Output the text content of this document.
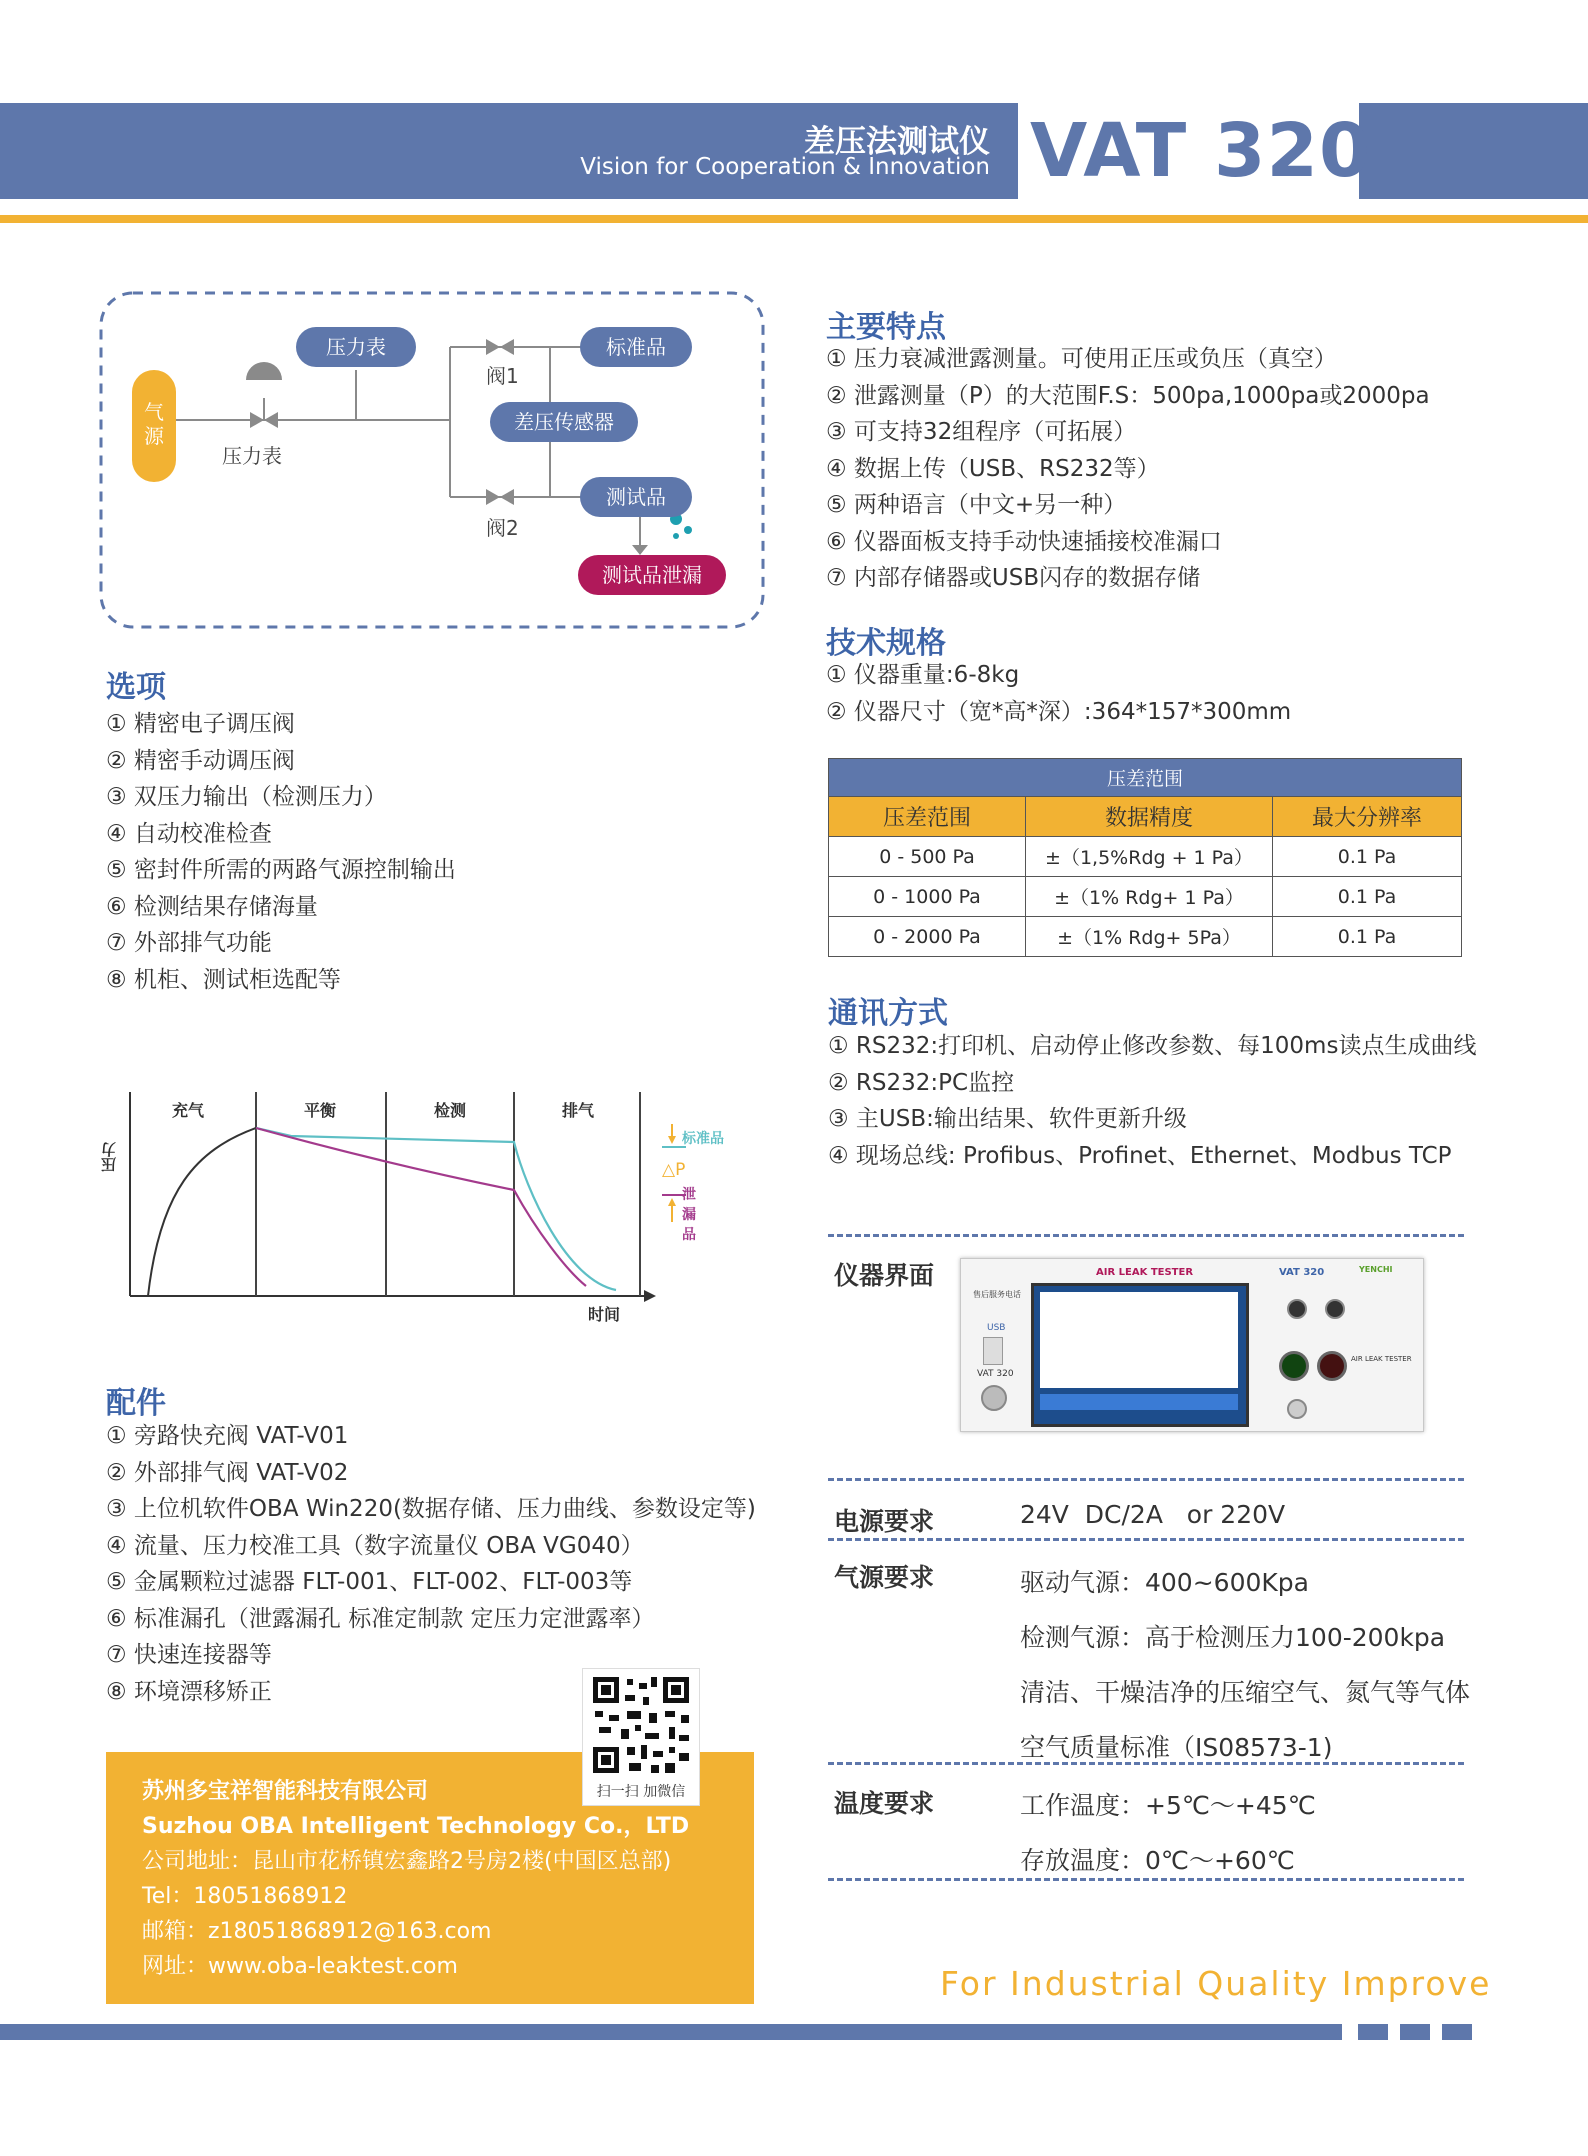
差压法测试仪
Vision for Cooperation & Innovation VAT 320
气
源
压力表
压力表	标准品
阀1
差压传感器
测试品
阀2
测试品泄漏
主要特点
① 压力衰减泄露测量。可使用正压或负压（真空）
② 泄露测量（P）的大范围F.S：500pa,1000pa或2000pa
③ 可支持32组程序（可拓展）
④ 数据上传（USB、RS232等）
⑤ 两种语言（中文+另一种）
⑥ 仪器面板支持手动快速插接校准漏口
⑦ 内部存储器或USB闪存的数据存储
技术规格
① 仪器重量:6-8kg
② 仪器尺寸（宽*高*深）:364*157*300mm
压差范围		
压差范围	数据精度	最大分辨率
0 - 500 Pa	±（1,5%Rdg + 1 Pa）	0.1 Pa
0 - 1000 Pa	±（1% Rdg+ 1 Pa）	0.1 Pa
0 - 2000 Pa	±（1% Rdg+ 5Pa）	0.1 Pa
选项
① 精密电子调压阀
② 精密手动调压阀
③ 双压力输出（检测压力）
④ 自动校准检查
⑤ 密封件所需的两路气源控制输出
⑥ 检测结果存储海量
⑦ 外部排气功能
⑧ 机柜、测试柜选配等
通讯方式
① RS232:打印机、启动停止修改参数、每100ms读点生成曲线
② RS232:PC监控
③ 主USB:输出结果、软件更新升级
④ 现场总线: Profibus、Profinet、Ethernet、Modbus TCP
充气	平衡	检测	排气
压力
时间
标准品
△P
泄漏品
仪器界面
售后服务电话
USB
VAT 320
AIR LEAK TESTER	VAT 320	YENCHI
AIR LEAK TESTER
电源要求	24V  DC/2A   or 220V
气源要求	驱动气源：400~600Kpa
检测气源：高于检测压力100-200kpa
清洁、干燥洁净的压缩空气、氮气等气体
空气质量标准（IS08573-1)
温度要求	工作温度：+5℃～+45℃
存放温度：0℃～+60℃
配件
① 旁路快充阀 VAT-V01
② 外部排气阀 VAT-V02
③ 上位机软件OBA Win220(数据存储、压力曲线、参数设定等)
④ 流量、压力校准工具（数字流量仪 OBA VG040）
⑤ 金属颗粒过滤器 FLT-001、FLT-002、FLT-003等
⑥ 标准漏孔（泄露漏孔 标准定制款 定压力定泄露率）
⑦ 快速连接器等
⑧ 环境漂移矫正
扫一扫 加微信
苏州多宝祥智能科技有限公司
Suzhou OBA Intelligent Technology Co.，LTD
公司地址：昆山市花桥镇宏鑫路2号房2楼(中国区总部)
Tel：18051868912
邮箱：z18051868912@163.com
网址：www.oba-leaktest.com	For Industrial Quality Improve
